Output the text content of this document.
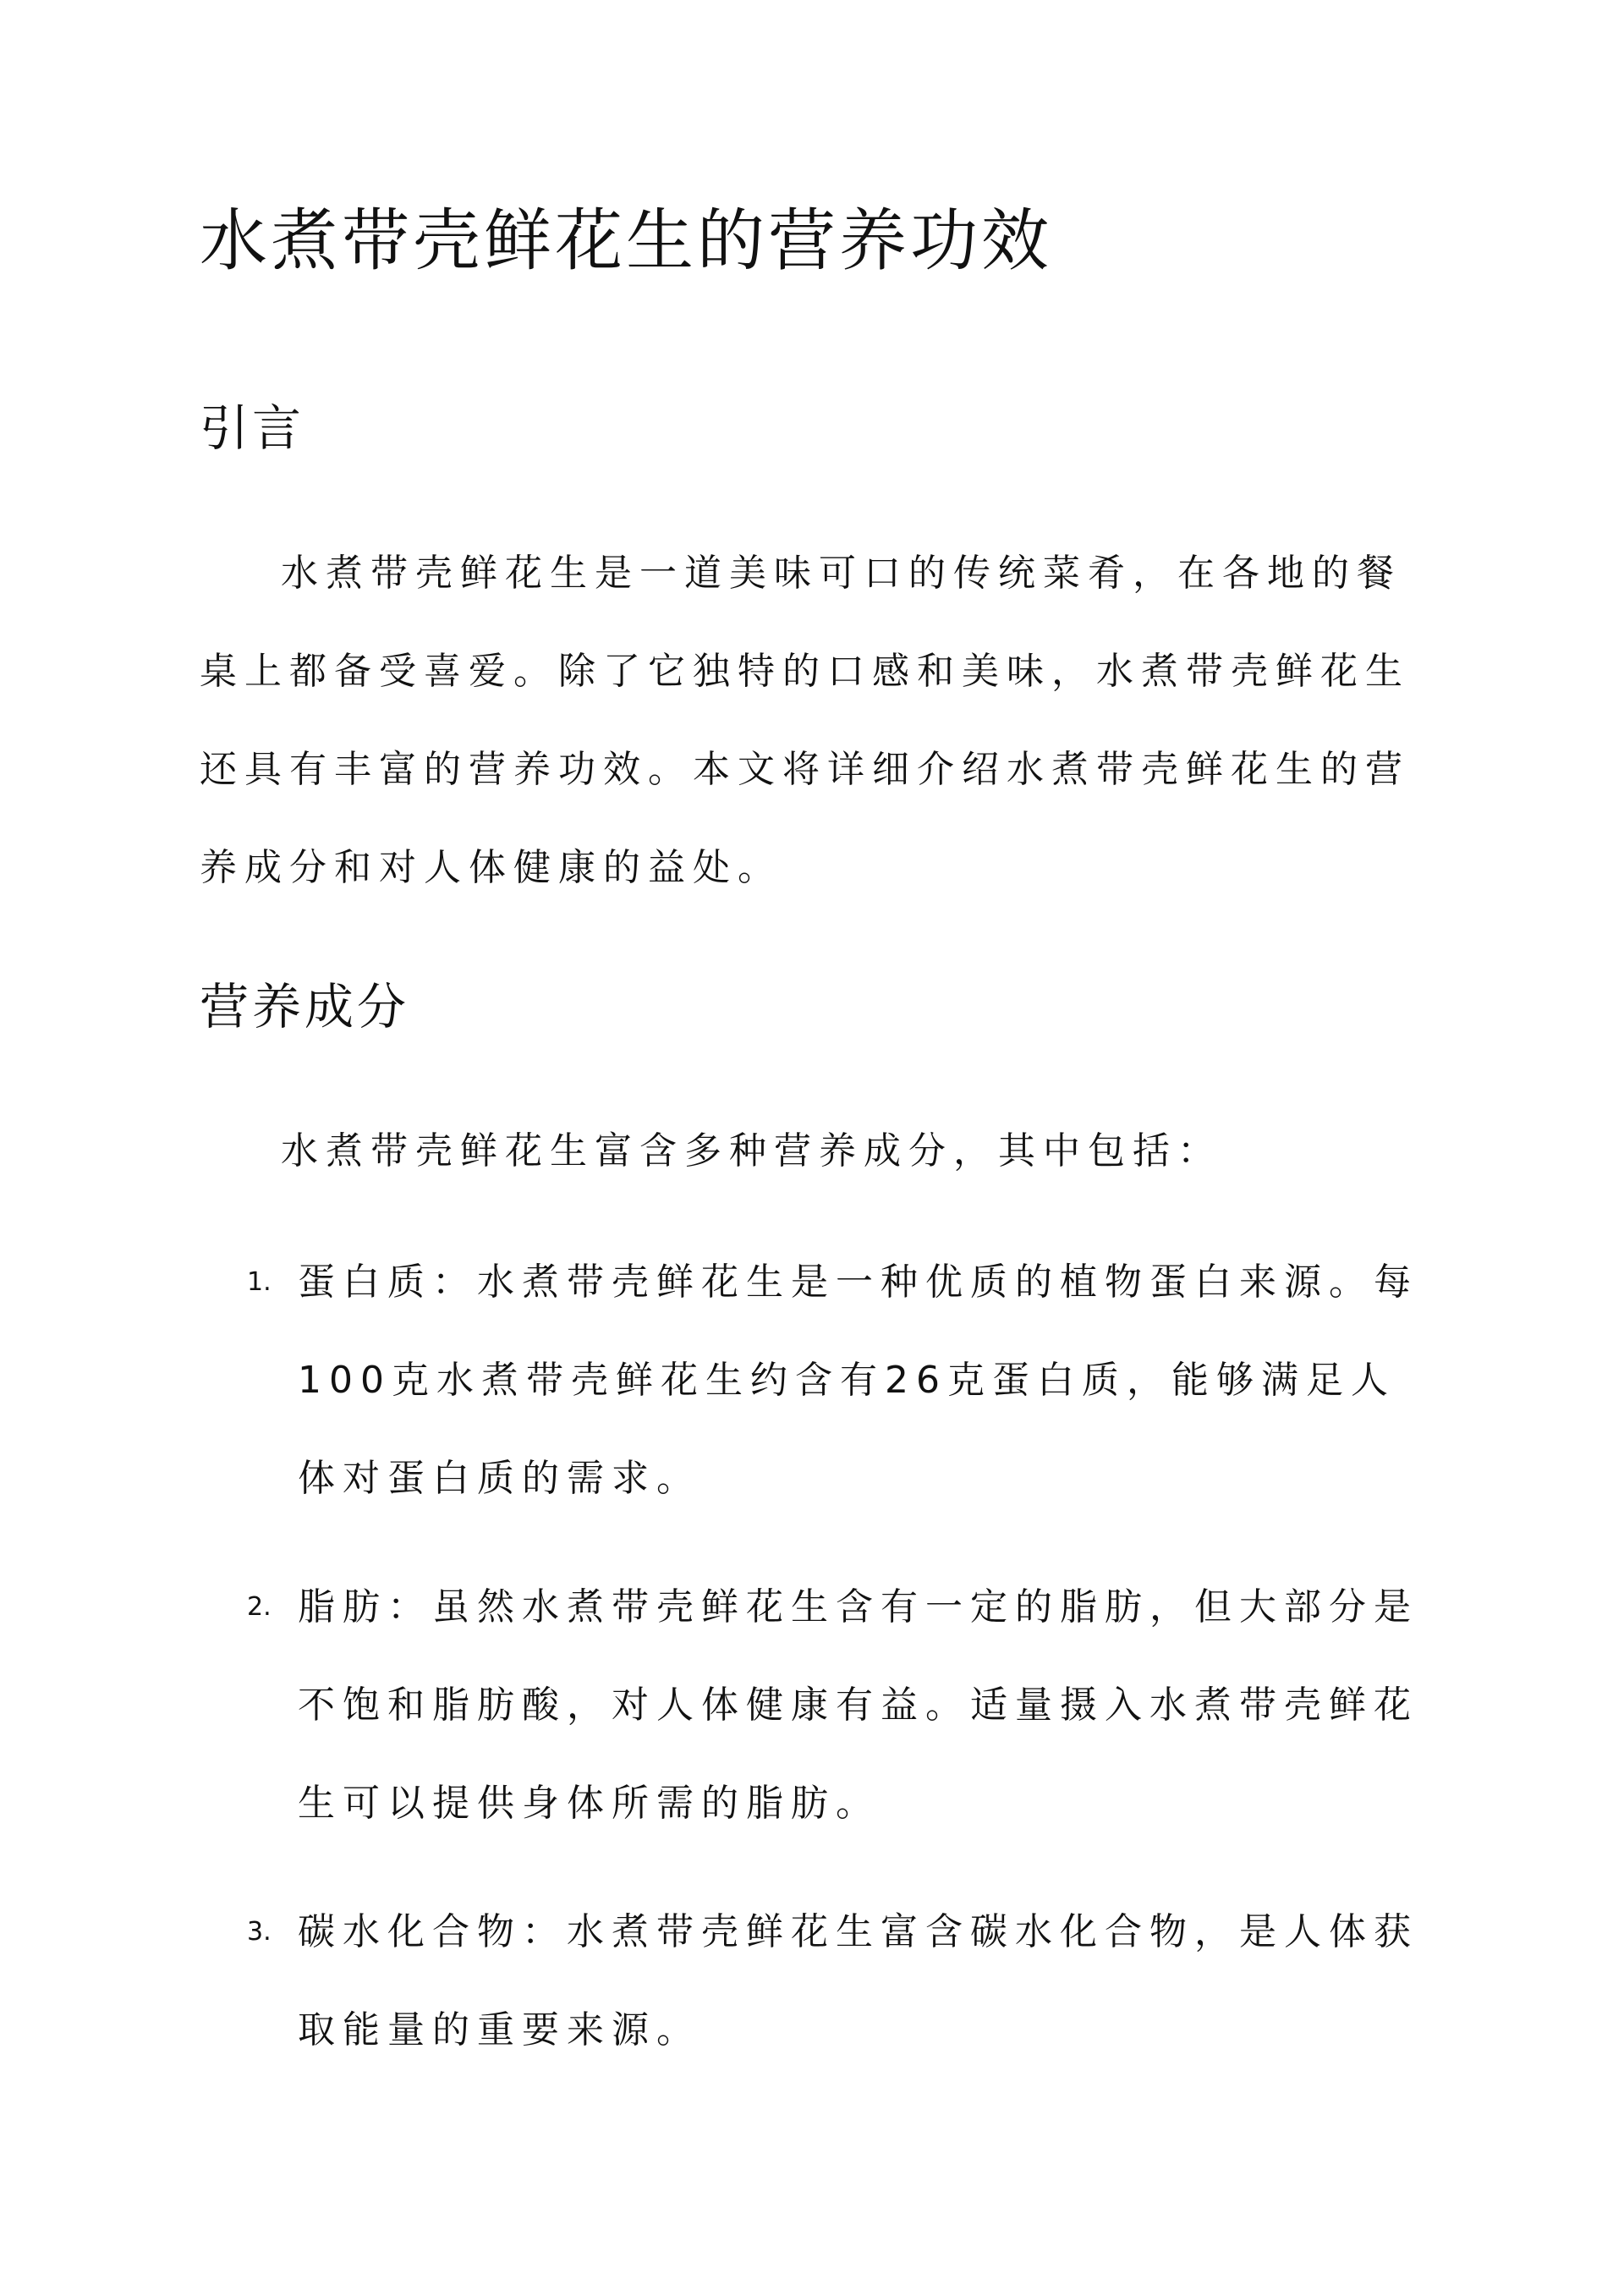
水煮带壳鲜花生的营养功效
引言

水煮带壳鲜花生是一道美味可口的传统菜肴，在各地的餐桌上都备受喜爱。除了它独特的口感和美味，水煮带壳鲜花生还具有丰富的营养功效。本文将详细介绍水煮带壳鲜花生的营养成分和对人体健康的益处。

营养成分

水煮带壳鲜花生富含多种营养成分，其中包括：

1. 蛋白质：水煮带壳鲜花生是一种优质的植物蛋白来源。每100克水煮带壳鲜花生约含有26克蛋白质，能够满足人体对蛋白质的需求。
2. 脂肪：虽然水煮带壳鲜花生含有一定的脂肪，但大部分是不饱和脂肪酸，对人体健康有益。适量摄入水煮带壳鲜花生可以提供身体所需的脂肪。
3. 碳水化合物：水煮带壳鲜花生富含碳水化合物，是人体获取能量的重要来源。
